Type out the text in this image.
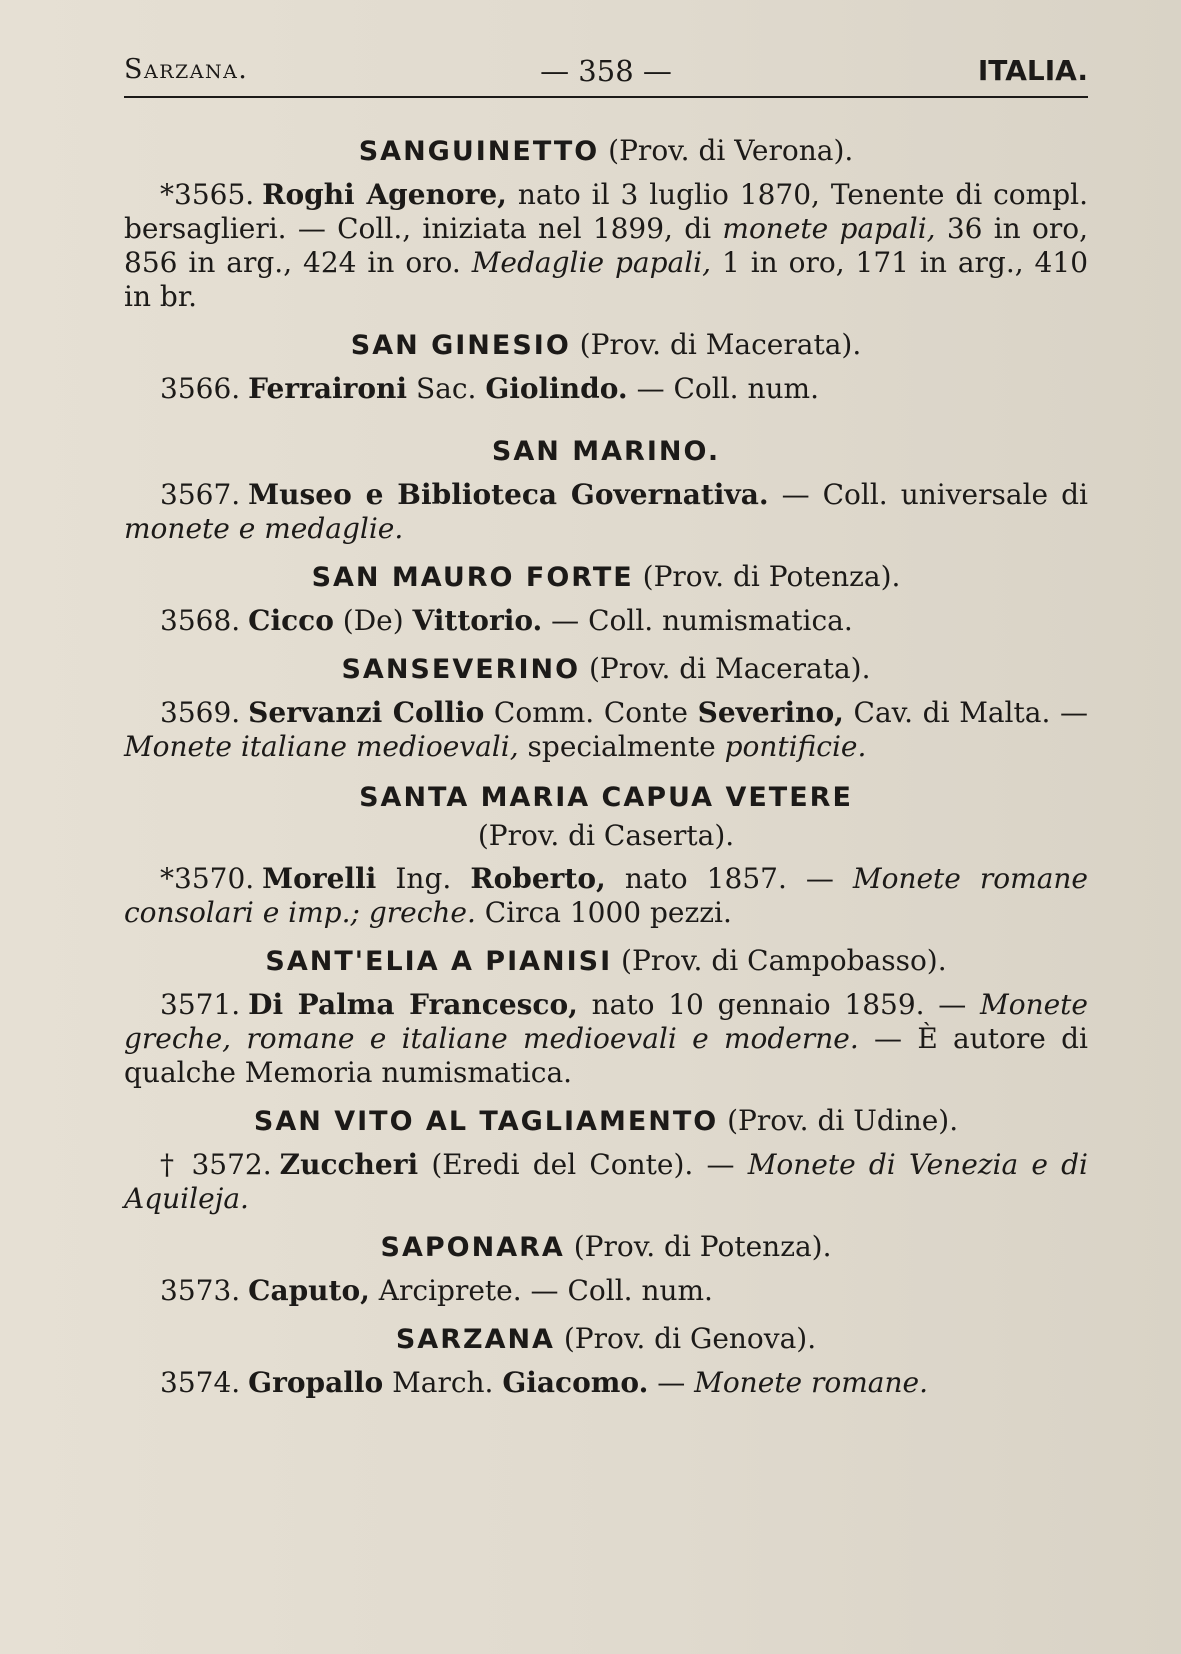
Sarzana.	— 358 —	ITALIA.
SANGUINETTO (Prov. di Verona).

*3565. Roghi Agenore, nato il 3 luglio 1870, Tenente di compl. bersaglieri. — Coll., iniziata nel 1899, di monete papali, 36 in oro, 856 in arg., 424 in oro. Medaglie papali, 1 in oro, 171 in arg., 410 in br.

SAN GINESIO (Prov. di Macerata).

3566. Ferraironi Sac. Giolindo. — Coll. num.

SAN MARINO.

3567. Museo e Biblioteca Governativa. — Coll. universale di monete e medaglie.

SAN MAURO FORTE (Prov. di Potenza).

3568. Cicco (De) Vittorio. — Coll. numismatica.

SANSEVERINO (Prov. di Macerata).

3569. Servanzi Collio Comm. Conte Severino, Cav. di Malta. — Monete italiane medioevali, specialmente pontificie.

SANTA MARIA CAPUA VETERE
(Prov. di Caserta).

*3570. Morelli Ing. Roberto, nato 1857. — Monete romane consolari e imp.; greche. Circa 1000 pezzi.

SANT'ELIA A PIANISI (Prov. di Campobasso).

3571. Di Palma Francesco, nato 10 gennaio 1859. — Monete greche, romane e italiane medioevali e moderne. — È autore di qualche Memoria numismatica.

SAN VITO AL TAGLIAMENTO (Prov. di Udine).

† 3572. Zuccheri (Eredi del Conte). — Monete di Venezia e di Aquileja.

SAPONARA (Prov. di Potenza).

3573. Caputo, Arciprete. — Coll. num.

SARZANA (Prov. di Genova).

3574. Gropallo March. Giacomo. — Monete romane.
